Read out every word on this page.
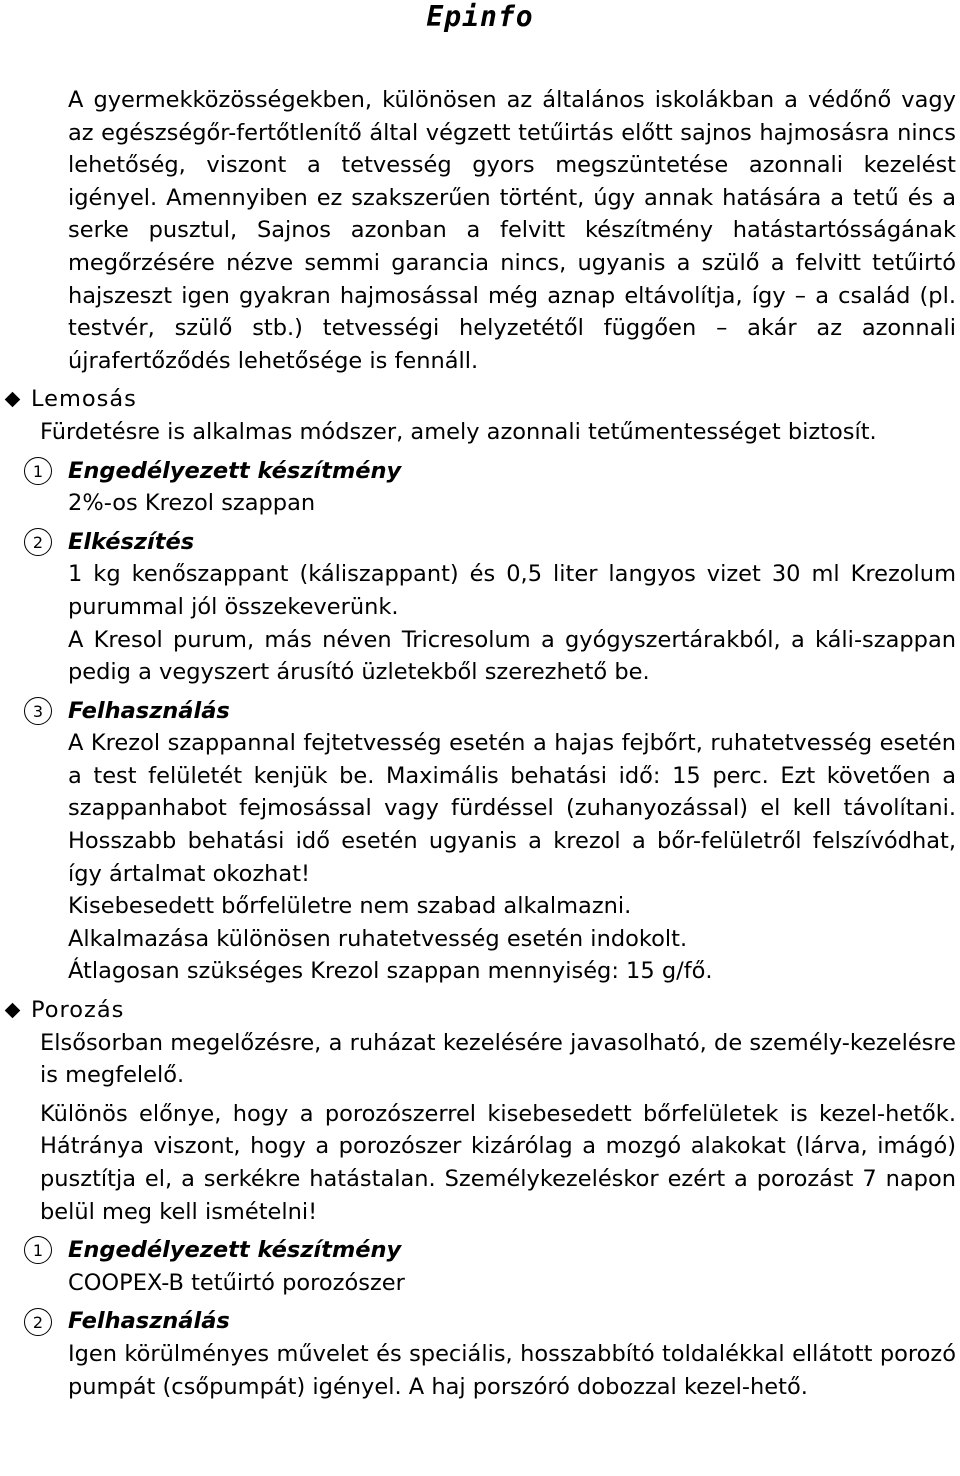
Epinfo

A gyermekközösségekben, különösen az általános iskolákban a védőnő vagy az egészségőr-fertőtlenítő által végzett tetűirtás előtt sajnos hajmosásra nincs lehetőség, viszont a tetvesség gyors megszüntetése azonnali kezelést igényel. Amennyiben ez szakszerűen történt, úgy annak hatására a tetű és a serke pusztul, Sajnos azonban a felvitt készítmény hatástartósságának megőrzésére nézve semmi garancia nincs, ugyanis a szülő a felvitt tetűirtó hajszeszt igen gyakran hajmosással még aznap eltávolítja, így – a család (pl. testvér, szülő stb.) tetvességi helyzetétől függően – akár az azonnali újrafertőződés lehetősége is fennáll.

Lemosás

Fürdetésre is alkalmas módszer, amely azonnali tetűmentességet biztosít.

1	Engedélyezett készítmény

2%-os Krezol szappan

2	Elkészítés

1 kg kenőszappant (káliszappant) és 0,5 liter langyos vizet 30 ml Krezolum purummal jól összekeverünk.

A Kresol purum, más néven Tricresolum a gyógyszertárakból, a káli-szappan pedig a vegyszert árusító üzletekből szerezhető be.

3	Felhasználás

A Krezol szappannal fejtetvesség esetén a hajas fejbőrt, ruhatetvesség esetén a test felületét kenjük be. Maximális behatási idő: 15 perc. Ezt követően a szappanhabot fejmosással vagy fürdéssel (zuhanyozással) el kell távolítani. Hosszabb behatási idő esetén ugyanis a krezol a bőr-felületről felszívódhat, így ártalmat okozhat!

Kisebesedett bőrfelületre nem szabad alkalmazni.

Alkalmazása különösen ruhatetvesség esetén indokolt.

Átlagosan szükséges Krezol szappan mennyiség: 15 g/fő.

Porozás

Elsősorban megelőzésre, a ruházat kezelésére javasolható, de személy-kezelésre is megfelelő.

Különös előnye, hogy a porozószerrel kisebesedett bőrfelületek is kezel-hetők. Hátránya viszont, hogy a porozószer kizárólag a mozgó alakokat (lárva, imágó) pusztítja el, a serkékre hatástalan. Személykezeléskor ezért a porozást 7 napon belül meg kell ismételni!

1	Engedélyezett készítmény

COOPEX-B tetűirtó porozószer

2	Felhasználás

Igen körülményes művelet és speciális, hosszabbító toldalékkal ellátott porozó pumpát (csőpumpát) igényel. A haj porszóró dobozzal kezel-hető.
